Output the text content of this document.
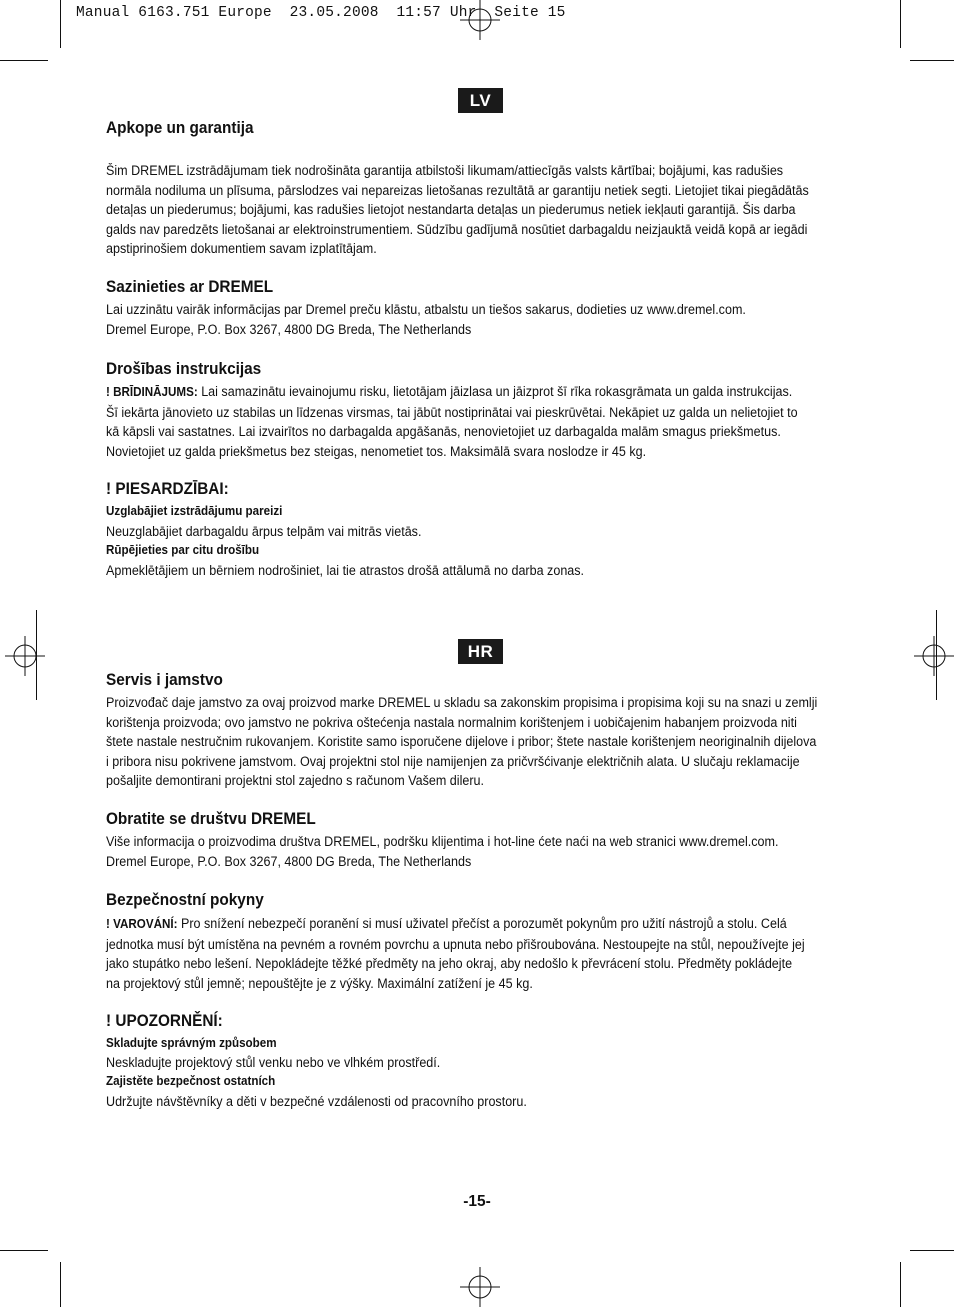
Manual 6163.751 Europe  23.05.2008  11:57 Uhr  Seite 15
LV
Apkope un garantija
Šim DREMEL izstrādājumam tiek nodrošināta garantija atbilstoši likumam/attiecīgās valsts kārtībai; bojājumi, kas radušies
normāla nodiluma un plīsuma, pārslodzes vai nepareizas lietošanas rezultātā ar garantiju netiek segti. Lietojiet tikai piegādātās
detaļas un piederumus; bojājumi, kas radušies lietojot nestandarta detaļas un piederumus netiek iekļauti garantijā. Šis darba
galds nav paredzēts lietošanai ar elektroinstrumentiem. Sūdzību gadījumā nosūtiet darbagaldu neizjauktā veidā kopā ar iegādi
apstiprinošiem dokumentiem savam izplatītājam.
Sazinieties ar DREMEL
Lai uzzinātu vairāk informācijas par Dremel preču klāstu, atbalstu un tiešos sakarus, dodieties uz www.dremel.com.
Dremel Europe, P.O. Box 3267, 4800 DG Breda, The Netherlands
Drošības instrukcijas
! BRĪDINĀJUMS: Lai samazinātu ievainojumu risku, lietotājam jāizlasa un jāizprot šī rīka rokasgrāmata un galda instrukcijas.
Šī iekārta jānovieto uz stabilas un līdzenas virsmas, tai jābūt nostiprinātai vai pieskrūvētai. Nekāpiet uz galda un nelietojiet to
kā kāpsli vai sastatnes. Lai izvairītos no darbagalda apgāšanās, nenovietojiet uz darbagalda malām smagus priekšmetus.
Novietojiet uz galda priekšmetus bez steigas, nenometiet tos. Maksimālā svara noslodze ir 45 kg.
! PIESARDZĪBAI:
Uzglabājiet izstrādājumu pareizi
Neuzglabājiet darbagaldu ārpus telpām vai mitrās vietās.
Rūpējieties par citu drošību
Apmeklētājiem un bērniem nodrošiniet, lai tie atrastos drošā attālumā no darba zonas.
HR
Servis i jamstvo
Proizvođač daje jamstvo za ovaj proizvod marke DREMEL u skladu sa zakonskim propisima i propisima koji su na snazi u zemlji
korištenja proizvoda; ovo jamstvo ne pokriva oštećenja nastala normalnim korištenjem i uobičajenim habanjem proizvoda niti
štete nastale nestručnim rukovanjem. Koristite samo isporučene dijelove i pribor; štete nastale korištenjem neoriginalnih dijelova
i pribora nisu pokrivene jamstvom. Ovaj projektni stol nije namijenjen za pričvršćivanje električnih alata. U slučaju reklamacije
pošaljite demontirani projektni stol zajedno s računom Vašem dileru.
Obratite se društvu DREMEL
Više informacija o proizvodima društva DREMEL, podršku klijentima i hot-line ćete naći na web stranici www.dremel.com.
Dremel Europe, P.O. Box 3267, 4800 DG Breda, The Netherlands
Bezpečnostní pokyny
! VAROVÁNÍ: Pro snížení nebezpečí poranění si musí uživatel přečíst a porozumět pokynům pro užití nástrojů a stolu. Celá
jednotka musí být umístěna na pevném a rovném povrchu a upnuta nebo přišroubována. Nestoupejte na stůl, nepoužívejte jej
jako stupátko nebo lešení. Nepokládejte těžké předměty na jeho okraj, aby nedošlo k převrácení stolu. Předměty pokládejte
na projektový stůl jemně; nepouštějte je z výšky. Maximální zatížení je 45 kg.
! UPOZORNĚNÍ:
Skladujte správným způsobem
Neskladujte projektový stůl venku nebo ve vlhkém prostředí.
Zajistěte bezpečnost ostatních
Udržujte návštěvníky a děti v bezpečné vzdálenosti od pracovního prostoru.
-15-
